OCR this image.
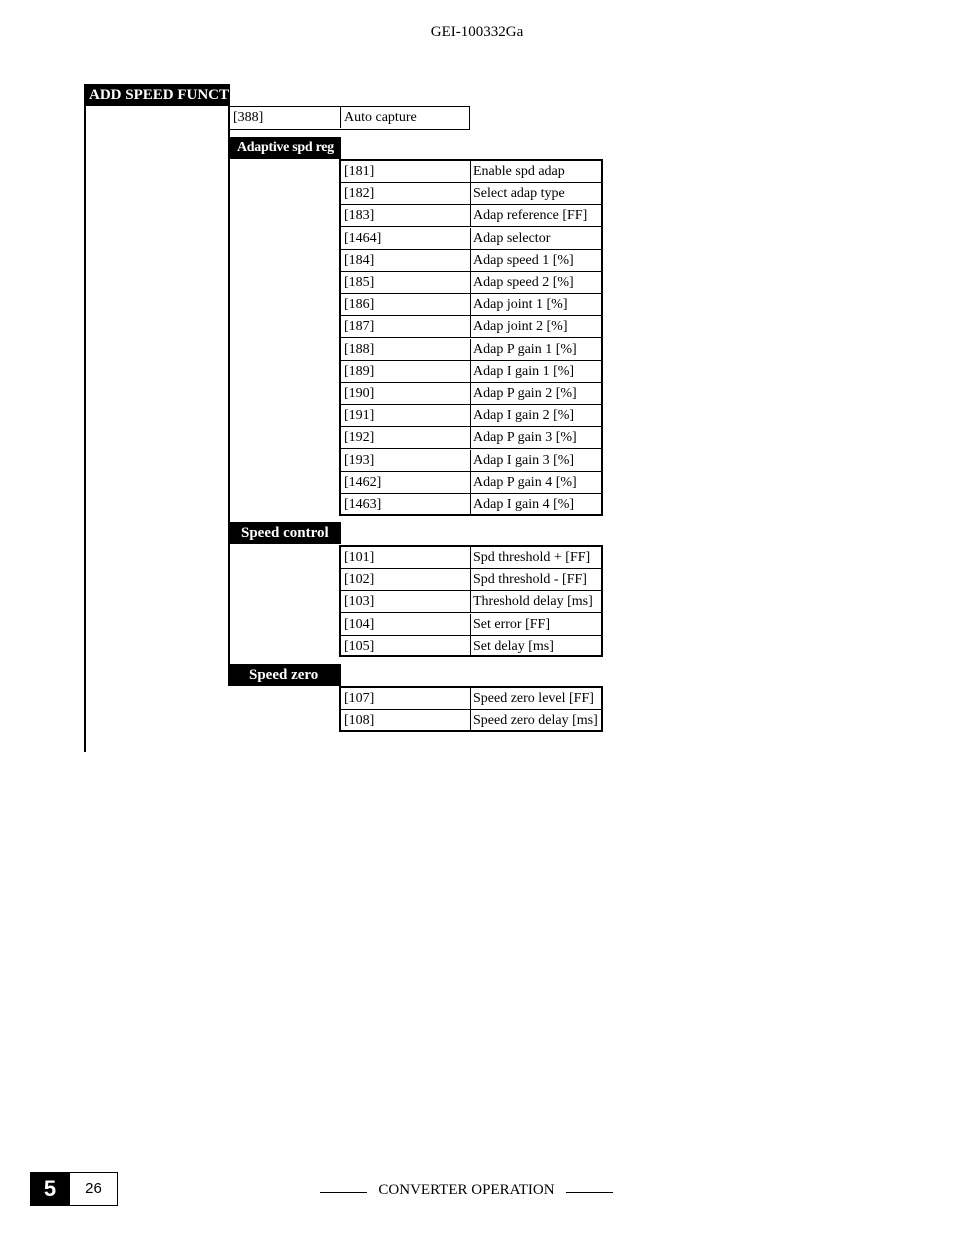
GEI-100332Ga
ADD SPEED FUNCT
[388]	Auto capture
Adaptive spd reg
[181]	Enable spd adap
[182]	Select adap type
[183]	Adap reference [FF]
[1464]	Adap selector
[184]	Adap speed 1 [%]
[185]	Adap speed 2 [%]
[186]	Adap joint 1 [%]
[187]	Adap joint 2 [%]
[188]	Adap P gain 1 [%]
[189]	Adap I gain 1 [%]
[190]	Adap P gain 2 [%]
[191]	Adap I gain 2 [%]
[192]	Adap P gain 3 [%]
[193]	Adap I gain 3 [%]
[1462]	Adap P gain 4 [%]
[1463]	Adap I gain 4 [%]
Speed control
[101]	Spd threshold + [FF]
[102]	Spd threshold - [FF]
[103]	Threshold delay [ms]
[104]	Set error [FF]
[105]	Set delay [ms]
Speed zero
[107]	Speed zero level [FF]
[108]	Speed zero delay [ms]
5	26	CONVERTER OPERATION
